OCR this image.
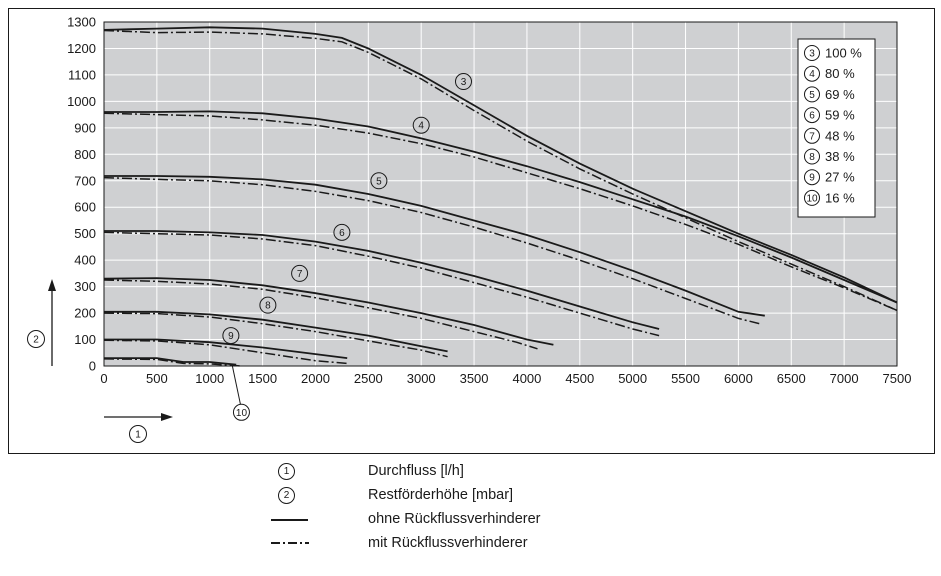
0	500 1000 1500 2000 2500 3000 3500 4000 4500 5000 5500 6000 6500 7000 7500
0
100
200
300
400
500
600
700
800
900
1000
1100
1200
1300
3
4
5
6
7
8
9
10
3 100 %
4 80 %
5 69 %
6 59 %
7 48 %
8 38 %
9 27 %
10 16 %
2
1
1	Durchfluss [l/h]
2	Restförderhöhe [mbar]
ohne Rückflussverhinderer
mit Rückflussverhinderer
